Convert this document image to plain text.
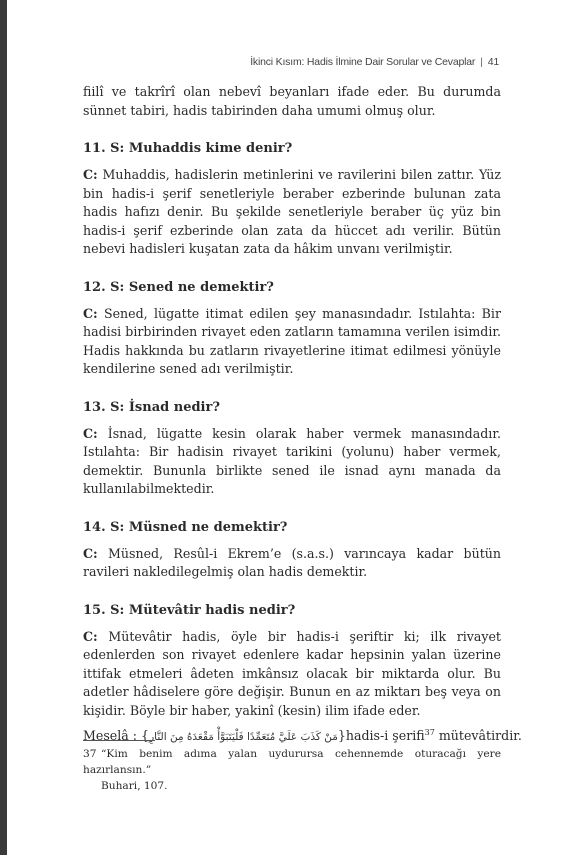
İkinci Kısım: Hadis İlmine Dair Sorular ve Cevaplar | 41

fiilî ve takrîrî olan nebevî beyanları ifade eder. Bu durumda sünnet tabiri, hadis tabirinden daha umumi olmuş olur.

11. S: Muhaddis kime denir?

C: Muhaddis, hadislerin metinlerini ve ravilerini bilen zattır. Yüz bin hadis-i şerif senetleriyle beraber ezberinde bulunan zata hadis hafızı denir. Bu şekilde senetleriyle beraber üç yüz bin hadis-i şerif ezberinde olan zata da hüccet adı verilir. Bütün nebevi hadisleri kuşatan zata da hâkim unvanı verilmiştir.

12. S: Sened ne demektir?

C: Sened, lügatte itimat edilen şey manasındadır. Istılahta: Bir hadisi birbirinden rivayet eden zatların tamamına verilen isimdir. Hadis hakkında bu zatların rivayetlerine itimat edilmesi yönüyle kendilerine sened adı verilmiştir.

13. S: İsnad nedir?

C: İsnad, lügatte kesin olarak haber vermek manasındadır. Istılahta: Bir hadisin rivayet tarikini (yolunu) haber vermek, demektir. Bununla birlikte sened ile isnad aynı manada da kullanılabilmektedir.

14. S: Müsned ne demektir?

C: Müsned, Resûl-i Ekrem’e (s.a.s.) varıncaya kadar bütün ravileri nakledilegelmiş olan hadis demektir.

15. S: Mütevâtir hadis nedir?

C: Mütevâtir hadis, öyle bir hadis-i şeriftir ki; ilk rivayet edenlerden son rivayet edenlere kadar hepsinin yalan üzerine ittifak etmeleri âdeten imkânsız olacak bir miktarda olur. Bu adetler hâdiselere göre değişir. Bunun en az miktarı beş veya on kişidir. Böyle bir haber, yakinî (kesin) ilim ifade eder.

Meselâ : {مَنْ كَذَبَ عَلَيَّ مُتَعَمِّدًا فَلْيَتَبَوَّأْ مَقْعَدَهُ مِنَ النَّارِ}hadis-i şerifi$^{37}$ mütevâtirdir.

37 “Kim benim adıma yalan uydurursa cehennemde oturacağı yere hazırlansın.”
Buhari, 107.
